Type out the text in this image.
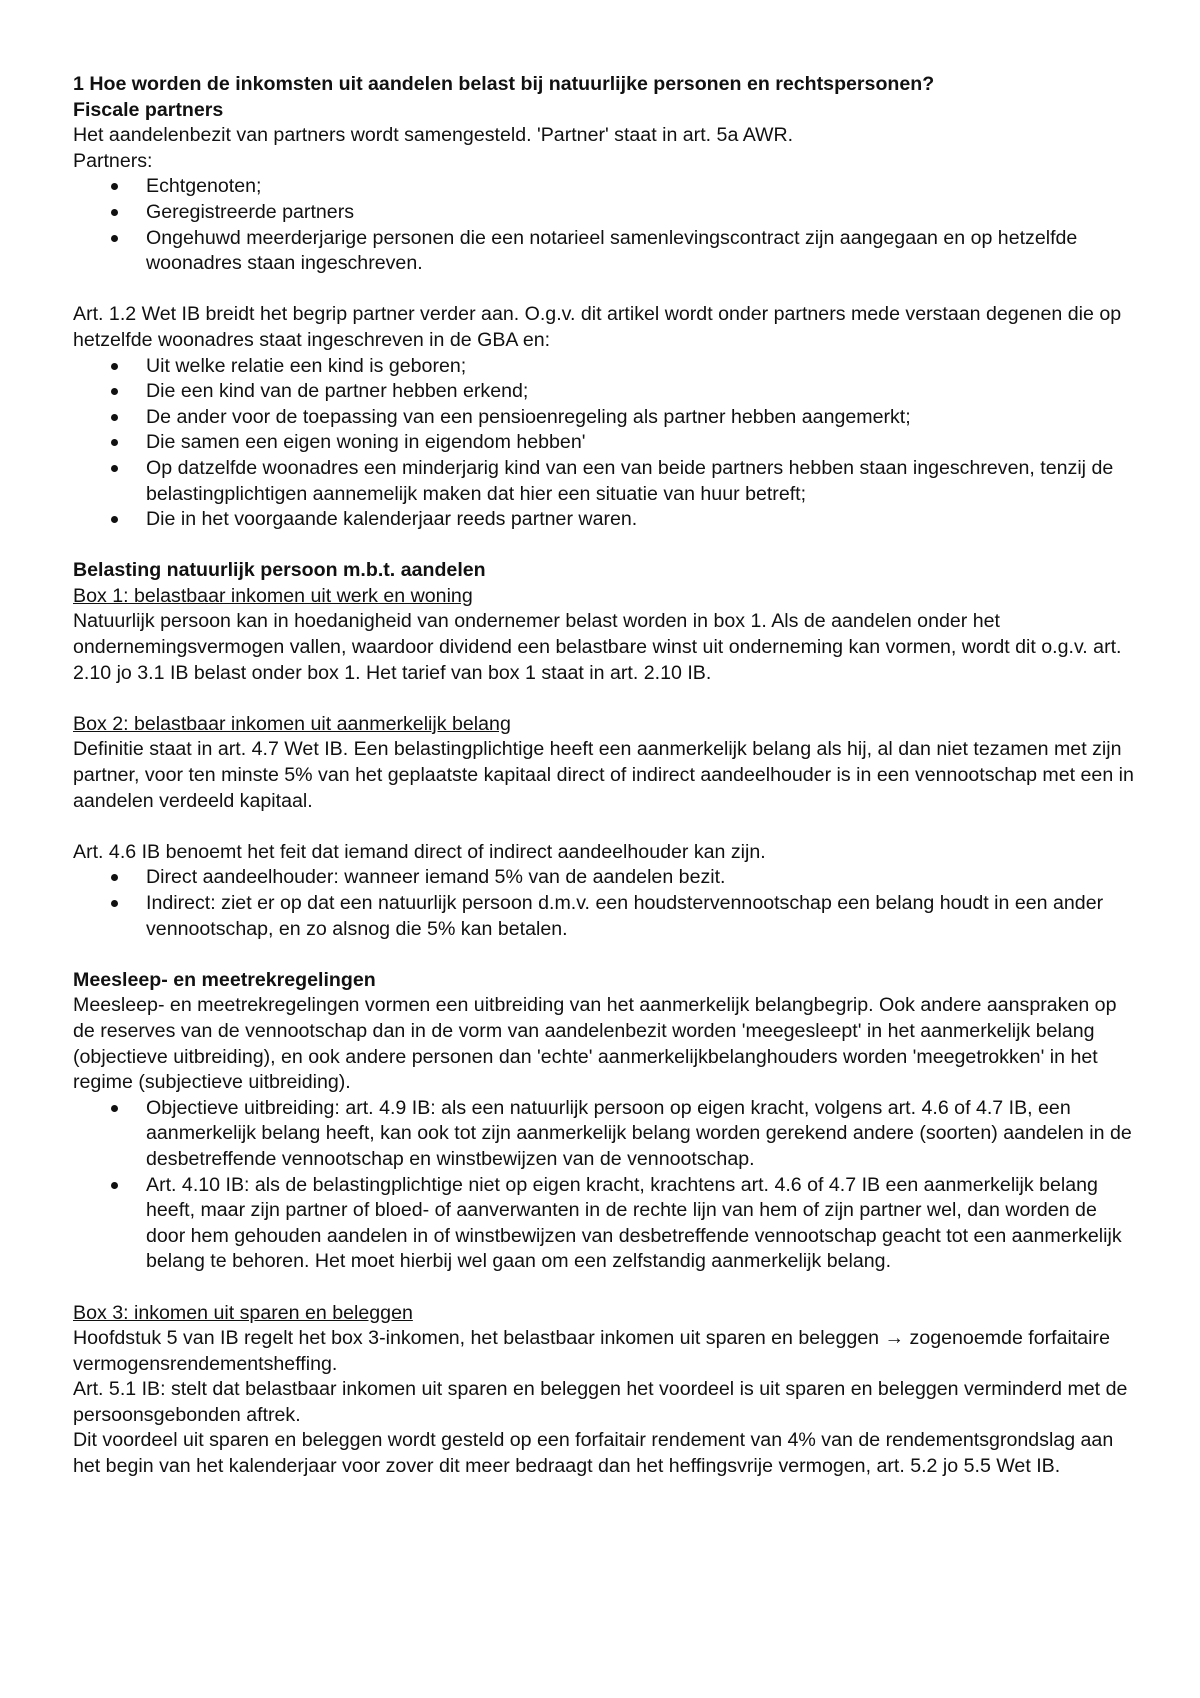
1 Hoe worden de inkomsten uit aandelen belast bij natuurlijke personen en rechtspersonen?

Fiscale partners

Het aandelenbezit van partners wordt samengesteld. 'Partner' staat in art. 5a AWR.

Partners:

Echtgenoten;
Geregistreerde partners
Ongehuwd meerderjarige personen die een notarieel samenlevingscontract zijn aangegaan en op hetzelfde woonadres staan ingeschreven.

Art. 1.2 Wet IB breidt het begrip partner verder aan. O.g.v. dit artikel wordt onder partners mede verstaan degenen die op hetzelfde woonadres staat ingeschreven in de GBA en:

Uit welke relatie een kind is geboren;
Die een kind van de partner hebben erkend;
De ander voor de toepassing van een pensioenregeling als partner hebben aangemerkt;
Die samen een eigen woning in eigendom hebben'
Op datzelfde woonadres een minderjarig kind van een van beide partners hebben staan ingeschreven, tenzij de belastingplichtigen aannemelijk maken dat hier een situatie van huur betreft;
Die in het voorgaande kalenderjaar reeds partner waren.

Belasting natuurlijk persoon m.b.t. aandelen

Box 1: belastbaar inkomen uit werk en woning

Natuurlijk persoon kan in hoedanigheid van ondernemer belast worden in box 1. Als de aandelen onder het ondernemingsvermogen vallen, waardoor dividend een belastbare winst uit onderneming kan vormen, wordt dit o.g.v. art. 2.10 jo 3.1 IB belast onder box 1. Het tarief van box 1 staat in art. 2.10 IB.

Box 2: belastbaar inkomen uit aanmerkelijk belang

Definitie staat in art. 4.7 Wet IB. Een belastingplichtige heeft een aanmerkelijk belang als hij, al dan niet tezamen met zijn partner, voor ten minste 5% van het geplaatste kapitaal direct of indirect aandeelhouder is in een vennootschap met een in aandelen verdeeld kapitaal.

Art. 4.6 IB benoemt het feit dat iemand direct of indirect aandeelhouder kan zijn.

Direct aandeelhouder: wanneer iemand 5% van de aandelen bezit.
Indirect: ziet er op dat een natuurlijk persoon d.m.v. een houdstervennootschap een belang houdt in een ander vennootschap, en zo alsnog die 5% kan betalen.

Meesleep- en meetrekregelingen

Meesleep- en meetrekregelingen vormen een uitbreiding van het aanmerkelijk belangbegrip. Ook andere aanspraken op de reserves van de vennootschap dan in de vorm van aandelenbezit worden 'meegesleept' in het aanmerkelijk belang (objectieve uitbreiding), en ook andere personen dan 'echte' aanmerkelijkbelanghouders worden 'meegetrokken' in het regime (subjectieve uitbreiding).

Objectieve uitbreiding: art. 4.9 IB: als een natuurlijk persoon op eigen kracht, volgens art. 4.6 of 4.7 IB, een aanmerkelijk belang heeft, kan ook tot zijn aanmerkelijk belang worden gerekend andere (soorten) aandelen in de desbetreffende vennootschap en winstbewijzen van de vennootschap.
Art. 4.10 IB: als de belastingplichtige niet op eigen kracht, krachtens art. 4.6 of 4.7 IB een aanmerkelijk belang heeft, maar zijn partner of bloed- of aanverwanten in de rechte lijn van hem of zijn partner wel, dan worden de door hem gehouden aandelen in of winstbewijzen van desbetreffende vennootschap geacht tot een aanmerkelijk belang te behoren. Het moet hierbij wel gaan om een zelfstandig aanmerkelijk belang.

Box 3: inkomen uit sparen en beleggen

Hoofdstuk 5 van IB regelt het box 3-inkomen, het belastbaar inkomen uit sparen en beleggen → zogenoemde forfaitaire vermogensrendementsheffing.

Art. 5.1 IB: stelt dat belastbaar inkomen uit sparen en beleggen het voordeel is uit sparen en beleggen verminderd met de persoonsgebonden aftrek.

Dit voordeel uit sparen en beleggen wordt gesteld op een forfaitair rendement van 4% van de rendementsgrondslag aan het begin van het kalenderjaar voor zover dit meer bedraagt dan het heffingsvrije vermogen, art. 5.2 jo 5.5 Wet IB.
